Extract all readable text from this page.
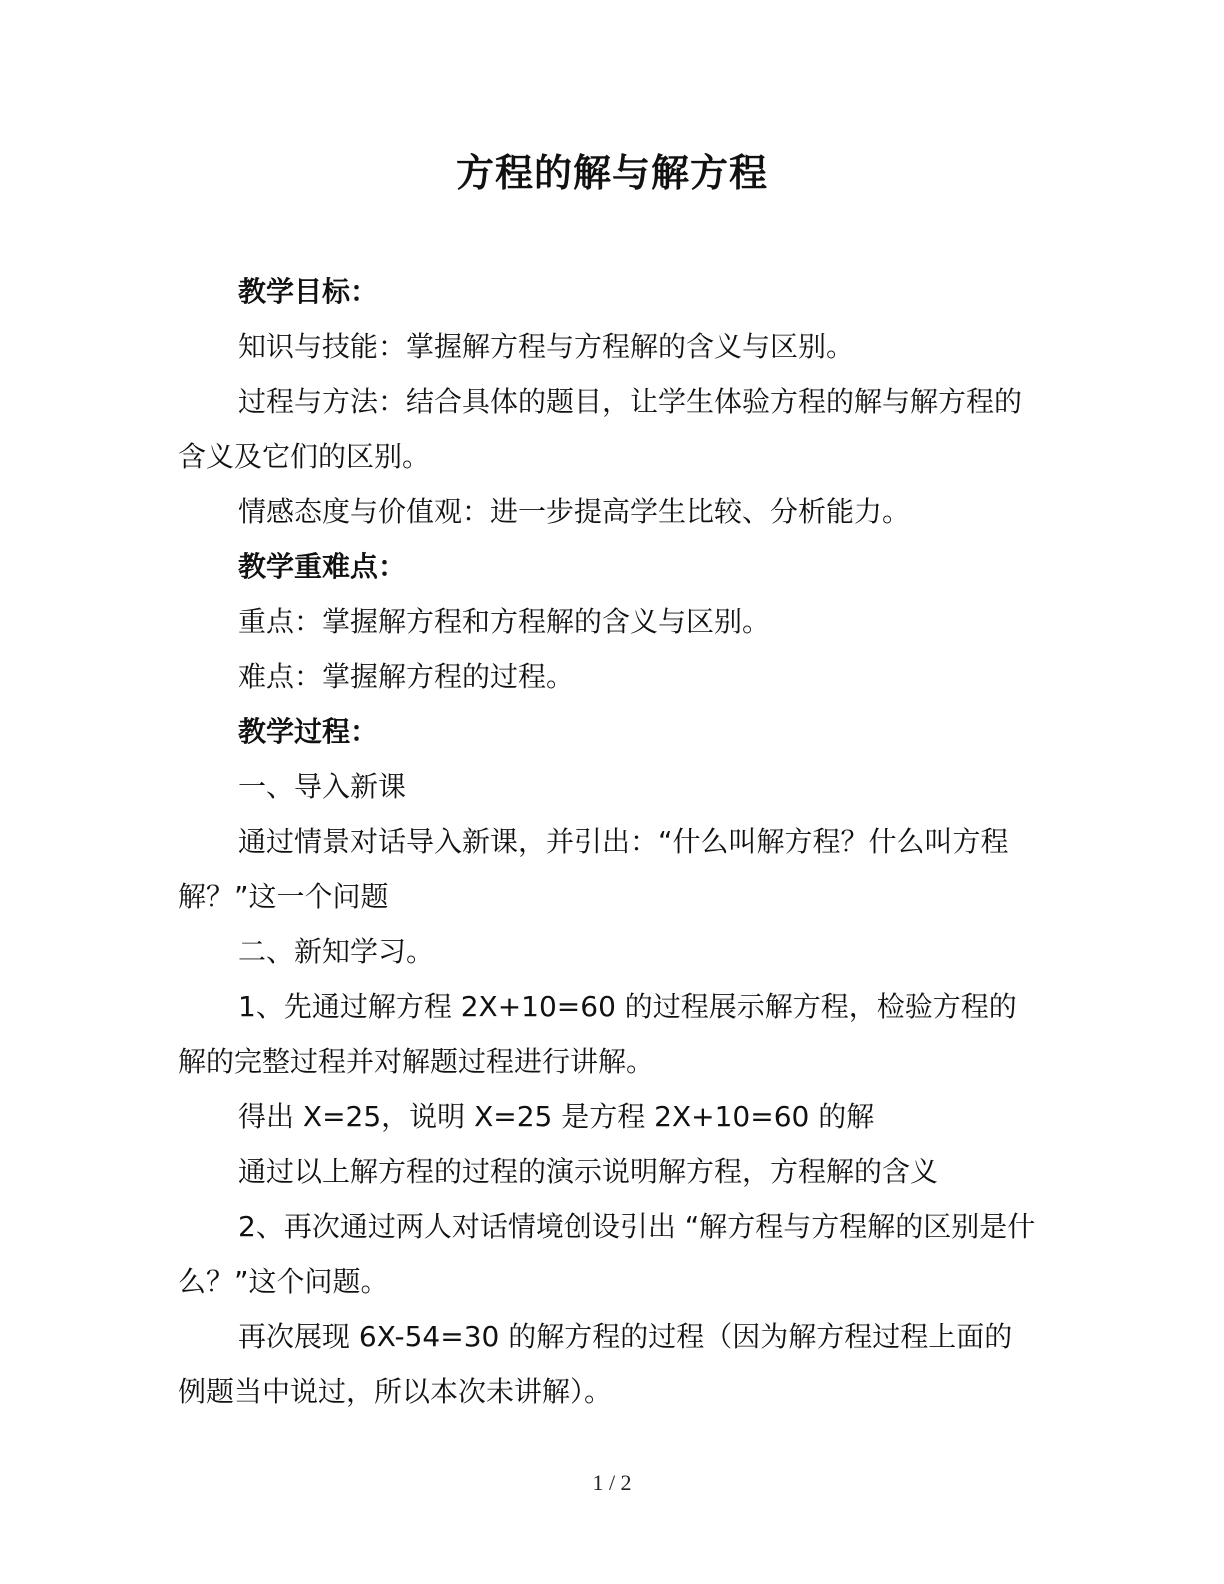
方程的解与解方程

教学目标：

知识与技能：掌握解方程与方程解的含义与区别。

过程与方法：结合具体的题目，让学生体验方程的解与解方程的含义及它们的区别。

情感态度与价值观：进一步提高学生比较、分析能力。

教学重难点：

重点：掌握解方程和方程解的含义与区别。

难点：掌握解方程的过程。

教学过程：

一、导入新课

通过情景对话导入新课，并引出：“什么叫解方程？什么叫方程解？”这一个问题

二、新知学习。

1、先通过解方程 2X+10=60 的过程展示解方程，检验方程的解的完整过程并对解题过程进行讲解。

得出 X=25，说明 X=25 是方程 2X+10=60 的解

通过以上解方程的过程的演示说明解方程，方程解的含义

2、再次通过两人对话情境创设引出 “解方程与方程解的区别是什么？”这个问题。

再次展现 6X-54=30 的解方程的过程（因为解方程过程上面的例题当中说过，所以本次未讲解）。

1 / 2
